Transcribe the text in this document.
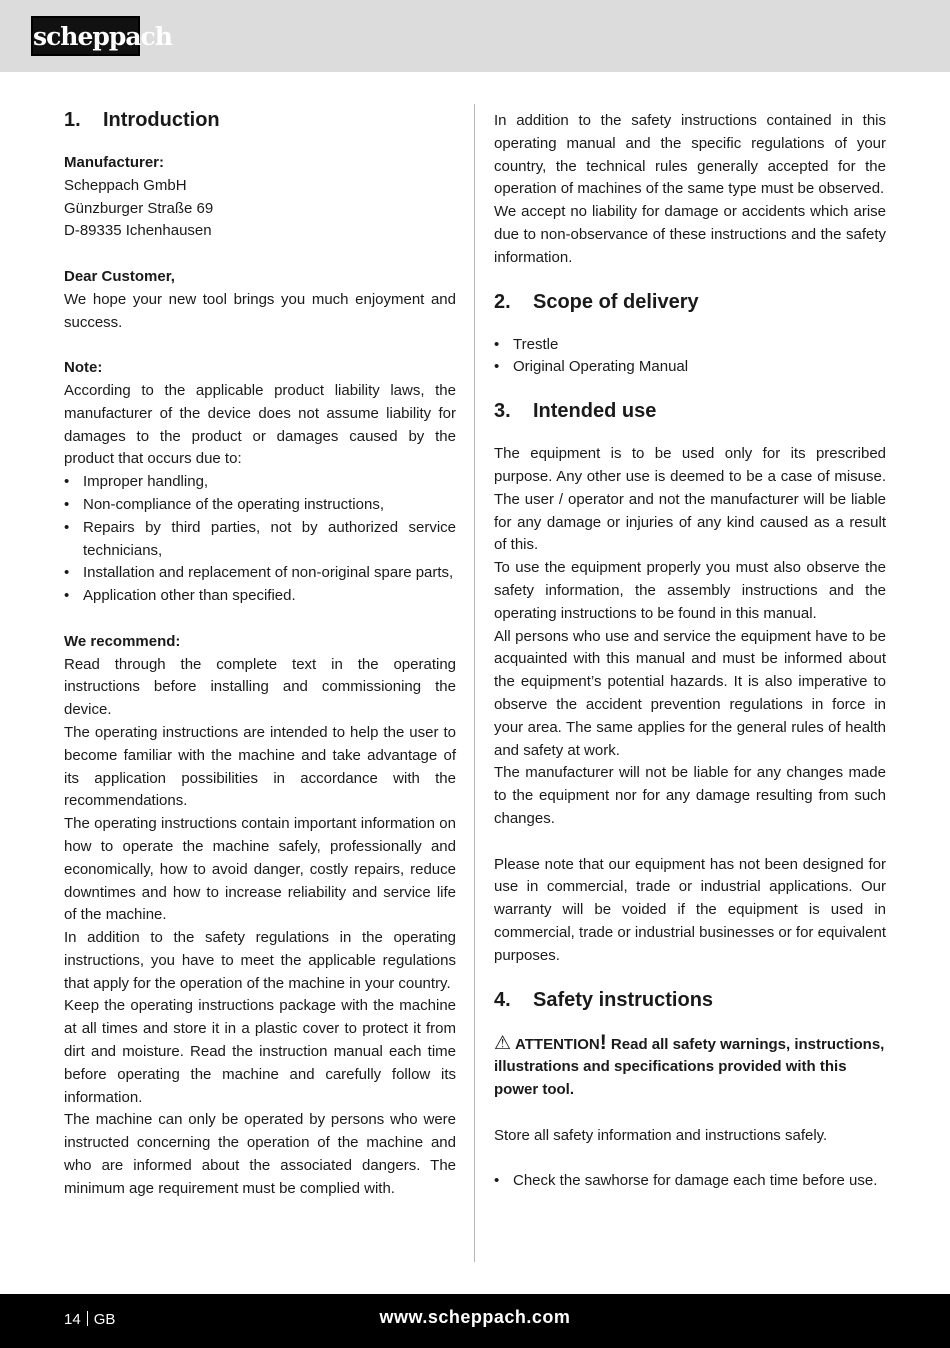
scheppach
1.	Introduction

Manufacturer:

Scheppach GmbH

Günzburger Straße 69

D-89335 Ichenhausen

Dear Customer,

We hope your new tool brings you much enjoyment and success.

Note:

According to the applicable product liability laws, the manufacturer of the device does not assume liability for damages to the product or damages caused by the product that occurs due to:

• Improper handling,
• Non-compliance of the operating instructions,
• Repairs by third parties, not by authorized service technicians,
• Installation and replacement of non-original spare parts,
• Application other than specified.

We recommend:

Read through the complete text in the operating instructions before installing and commissioning the device.

The operating instructions are intended to help the user to become familiar with the machine and take advantage of its application possibilities in accordance with the recommendations.

The operating instructions contain important information on how to operate the machine safely, professionally and economically, how to avoid danger, costly repairs, reduce downtimes and how to increase reliability and service life of the machine.

In addition to the safety regulations in the operating instructions, you have to meet the applicable regulations that apply for the operation of the machine in your country.

Keep the operating instructions package with the machine at all times and store it in a plastic cover to protect it from dirt and moisture. Read the instruction manual each time before operating the machine and carefully follow its information.

The machine can only be operated by persons who were instructed concerning the operation of the machine and who are informed about the associated dangers. The minimum age requirement must be complied with.

In addition to the safety instructions contained in this operating manual and the specific regulations of your country, the technical rules generally accepted for the operation of machines of the same type must be observed.

We accept no liability for damage or accidents which arise due to non-observance of these instructions and the safety information.

2.	Scope of delivery
• Trestle
• Original Operating Manual
3.	Intended use

The equipment is to be used only for its prescribed purpose. Any other use is deemed to be a case of misuse. The user / operator and not the manufacturer will be liable for any damage or injuries of any kind caused as a result of this.

To use the equipment properly you must also observe the safety information, the assembly instructions and the operating instructions to be found in this manual.

All persons who use and service the equipment have to be acquainted with this manual and must be informed about the equipment’s potential hazards. It is also imperative to observe the accident prevention regulations in force in your area. The same applies for the general rules of health and safety at work.

The manufacturer will not be liable for any changes made to the equipment nor for any damage resulting from such changes.

Please note that our equipment has not been designed for use in commercial, trade or industrial applications. Our warranty will be voided if the equipment is used in commercial, trade or industrial businesses or for equivalent purposes.

4.	Safety instructions

⚠ ATTENTION! Read all safety warnings, instructions, illustrations and specifications provided with this power tool.

Store all safety information and instructions safely.

• Check the sawhorse for damage each time before use.
14 GB	www.scheppach.com
